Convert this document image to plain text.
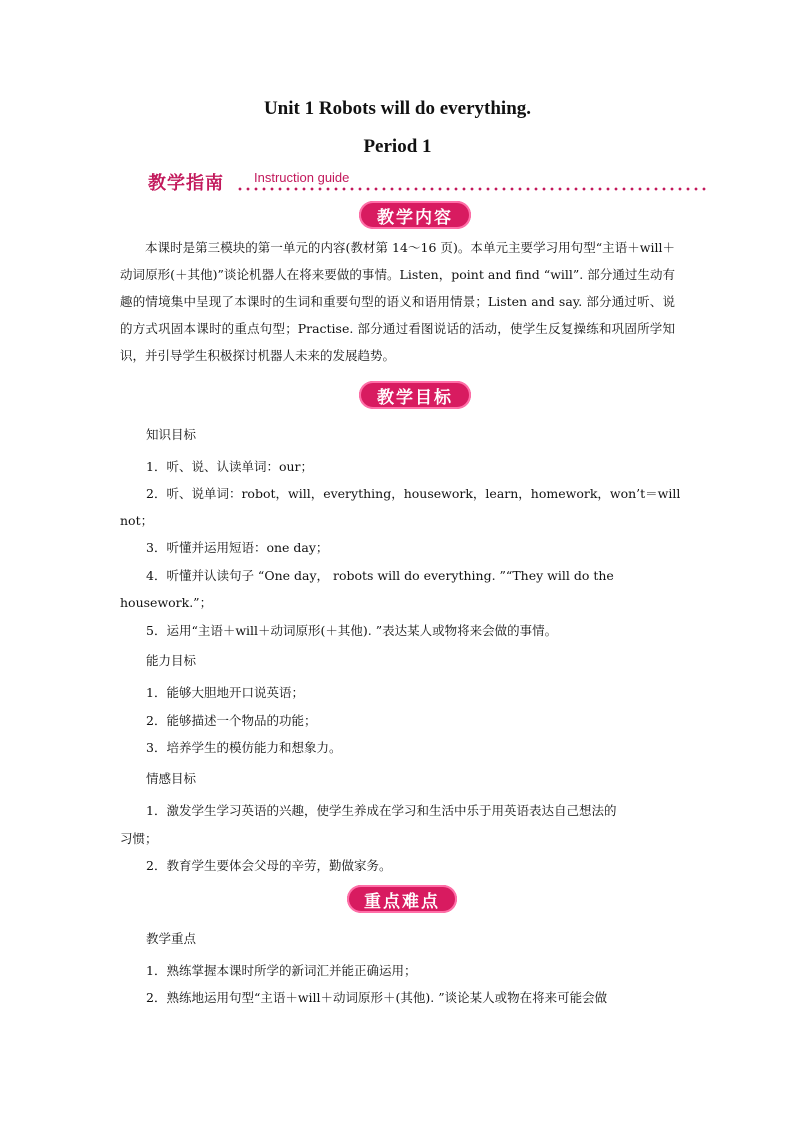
Unit 1 Robots will do everything.
Period 1
教学指南 Instruction guide
教学内容
本课时是第三模块的第一单元的内容(教材第 14～16 页)。本单元主要学习用句型“主语＋will＋动词原形(＋其他)”谈论机器人在将来要做的事情。Listen，point and find “will”. 部分通过生动有趣的情境集中呈现了本课时的生词和重要句型的语义和语用情景；Listen and say. 部分通过听、说的方式巩固本课时的重点句型；Practise. 部分通过看图说话的活动，使学生反复操练和巩固所学知识，并引导学生积极探讨机器人未来的发展趋势。
教学目标
知识目标
1．听、说、认读单词：our；
2．听、说单词：robot，will，everything，housework，learn，homework，won’t＝will
not；
3．听懂并运用短语：one day；
4．听懂并认读句子 “One day， robots will do everything. ”“They will do the
housework.”；
5．运用“主语＋will＋动词原形(＋其他). ”表达某人或物将来会做的事情。
能力目标
1．能够大胆地开口说英语；
2．能够描述一个物品的功能；
3．培养学生的模仿能力和想象力。
情感目标
1．激发学生学习英语的兴趣，使学生养成在学习和生活中乐于用英语表达自己想法的
习惯；
2．教育学生要体会父母的辛劳，勤做家务。
重点难点
教学重点
1．熟练掌握本课时所学的新词汇并能正确运用；
2．熟练地运用句型“主语＋will＋动词原形＋(其他). ”谈论某人或物在将来可能会做
